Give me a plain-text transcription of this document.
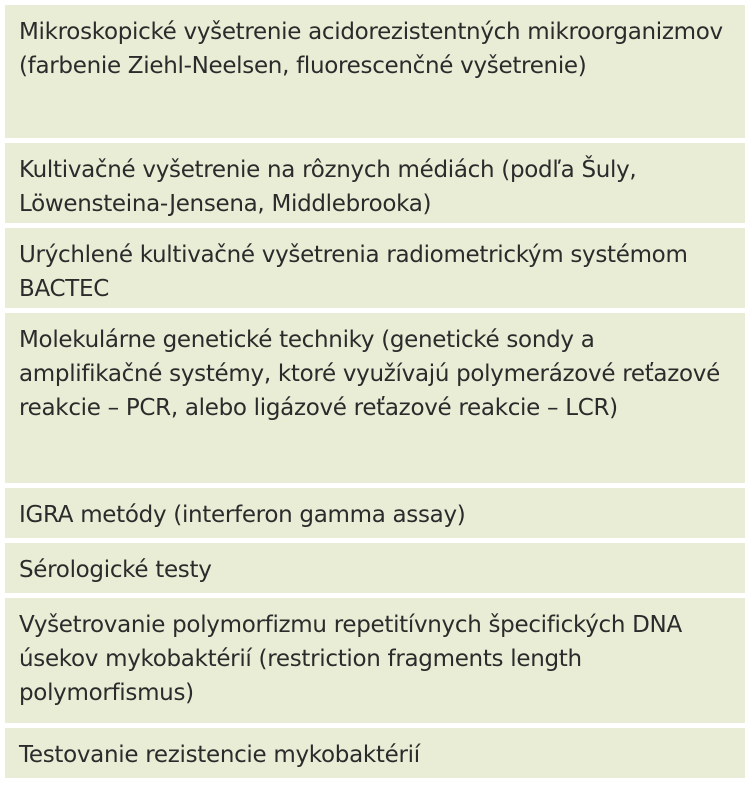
Mikroskopické vyšetrenie acidorezistentných mikroorganizmov (farbenie Ziehl-Neelsen, fluorescenčné vyšetrenie)
Kultivačné vyšetrenie na rôznych médiách (podľa Šuly, Löwensteina-Jensena, Middlebrooka)
Urýchlené kultivačné vyšetrenia radiometrickým systémom BACTEC
Molekulárne genetické techniky (genetické sondy a amplifikačné systémy, ktoré využívajú polymerázové reťazové reakcie – PCR, alebo ligázové reťazové reakcie – LCR)
IGRA metódy (interferon gamma assay)
Sérologické testy
Vyšetrovanie polymorfizmu repetitívnych špecifických DNA úsekov mykobaktérií (restriction fragments length polymorfismus)
Testovanie rezistencie mykobaktérií
